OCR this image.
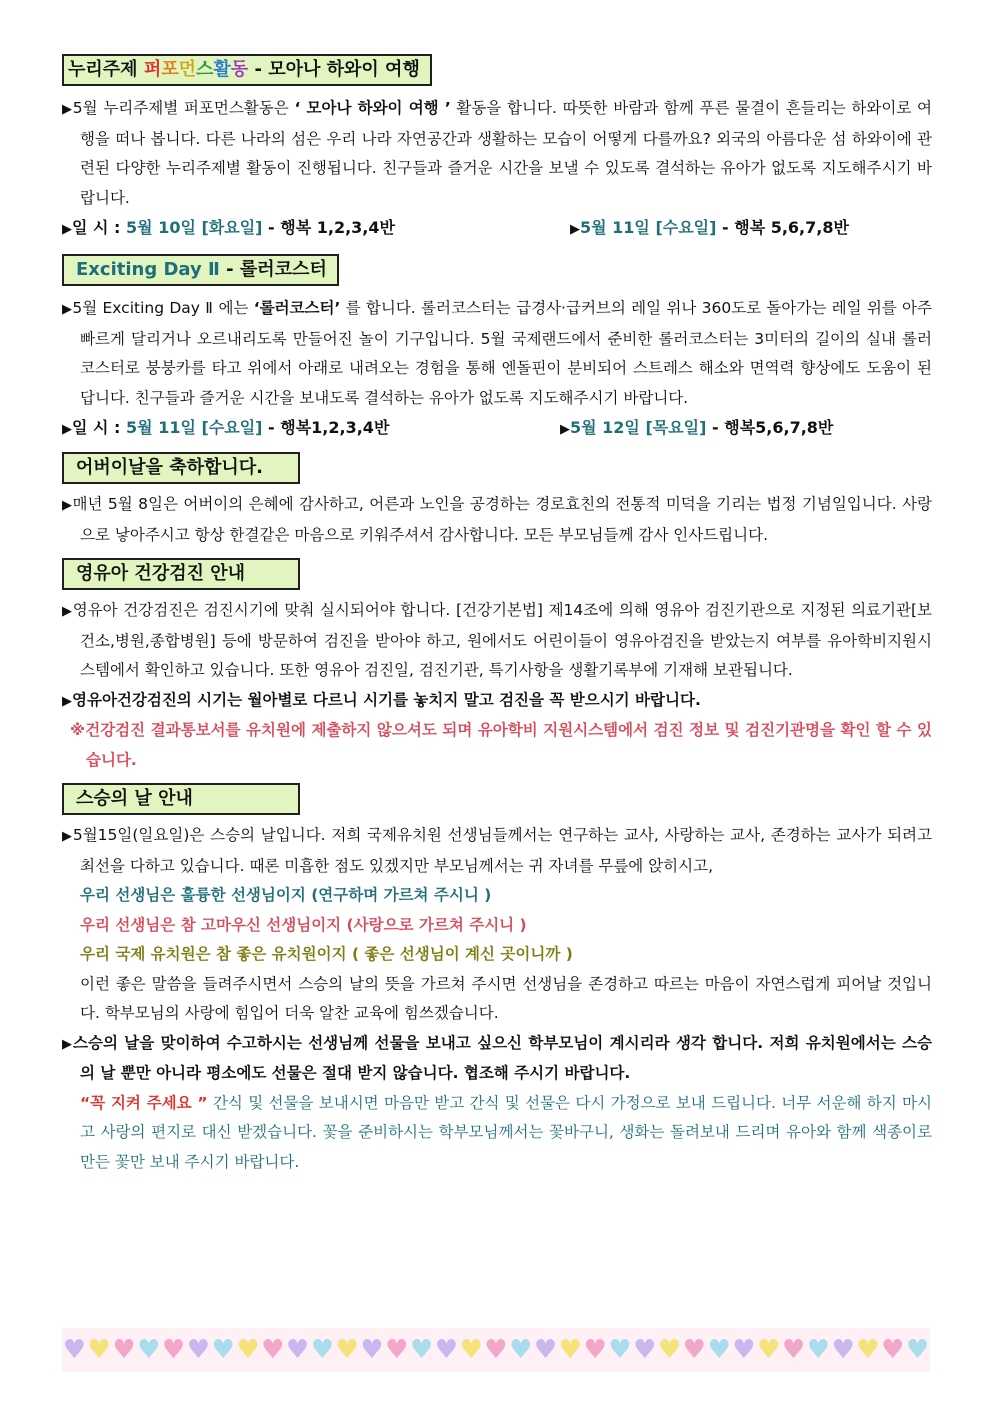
누리주제 퍼포먼스활동 - 모아나 하와이 여행
▶5월 누리주제별 퍼포먼스활동은 ‘ 모아나 하와이 여행 ’ 활동을 합니다. 따뜻한 바람과 함께 푸른 물결이 흔들리는 하와이로 여행을 떠나 봅니다. 다른 나라의 섬은 우리 나라 자연공간과 생활하는 모습이 어떻게 다를까요? 외국의 아름다운 섬 하와이에 관련된 다양한 누리주제별 활동이 진행됩니다. 친구들과 즐거운 시간을 보낼 수 있도록 결석하는 유아가 없도록 지도해주시기 바랍니다.
▶일 시 : 5월 10일 [화요일] - 행복 1,2,3,4반	▶5월 11일 [수요일] - 행복 5,6,7,8반
Exciting Day Ⅱ - 롤러코스터
▶5월 Exciting Day Ⅱ 에는 ‘롤러코스터’ 를 합니다. 롤러코스터는 급경사·급커브의 레일 위나 360도로 돌아가는 레일 위를 아주 빠르게 달리거나 오르내리도록 만들어진 놀이 기구입니다. 5월 국제랜드에서 준비한 롤러코스터는 3미터의 길이의 실내 롤러코스터로 붕붕카를 타고 위에서 아래로 내려오는 경험을 통해 엔돌핀이 분비되어 스트레스 해소와 면역력 향상에도 도움이 된답니다. 친구들과 즐거운 시간을 보내도록 결석하는 유아가 없도록 지도해주시기 바랍니다.
▶일 시 : 5월 11일 [수요일] - 행복1,2,3,4반	▶5월 12일 [목요일] - 행복5,6,7,8반
어버이날을 축하합니다.
▶매년 5월 8일은 어버이의 은혜에 감사하고, 어른과 노인을 공경하는 경로효친의 전통적 미덕을 기리는 법정 기념일입니다. 사랑으로 낳아주시고 항상 한결같은 마음으로 키워주셔서 감사합니다. 모든 부모님들께 감사 인사드립니다.
영유아 건강검진 안내
▶영유아 건강검진은 검진시기에 맞춰 실시되어야 합니다. [건강기본법] 제14조에 의해 영유아 검진기관으로 지정된 의료기관[보건소,병원,종합병원] 등에 방문하여 검진을 받아야 하고, 원에서도 어린이들이 영유아검진을 받았는지 여부를 유아학비지원시스템에서 확인하고 있습니다. 또한 영유아 검진일, 검진기관, 특기사항을 생활기록부에 기재해 보관됩니다.
▶영유아건강검진의 시기는 월아별로 다르니 시기를 놓치지 말고 검진을 꼭 받으시기 바랍니다.
※건강검진 결과통보서를 유치원에 제출하지 않으셔도 되며 유아학비 지원시스템에서 검진 정보 및 검진기관명을 확인 할 수 있습니다.
스승의 날 안내
▶5월15일(일요일)은 스승의 날입니다. 저희 국제유치원 선생님들께서는 연구하는 교사, 사랑하는 교사, 존경하는 교사가 되려고 최선을 다하고 있습니다. 때론 미흡한 점도 있겠지만 부모님께서는 귀 자녀를 무릎에 앉히시고,
우리 선생님은 훌륭한 선생님이지 (연구하며 가르쳐 주시니 )
우리 선생님은 참 고마우신 선생님이지 (사랑으로 가르쳐 주시니 )
우리 국제 유치원은 참 좋은 유치원이지 ( 좋은 선생님이 계신 곳이니까 )
이런 좋은 말씀을 들려주시면서 스승의 날의 뜻을 가르쳐 주시면 선생님을 존경하고 따르는 마음이 자연스럽게 피어날 것입니다. 학부모님의 사랑에 힘입어 더욱 알찬 교육에 힘쓰겠습니다.
▶스승의 날을 맞이하여 수고하시는 선생님께 선물을 보내고 싶으신 학부모님이 계시리라 생각 합니다. 저희 유치원에서는 스승의 날 뿐만 아니라 평소에도 선물은 절대 받지 않습니다. 협조해 주시기 바랍니다.
“꼭 지켜 주세요 ” 간식 및 선물을 보내시면 마음만 받고 간식 및 선물은 다시 가정으로 보내 드립니다. 너무 서운해 하지 마시고 사랑의 편지로 대신 받겠습니다. 꽃을 준비하시는 학부모님께서는 꽃바구니, 생화는 돌려보내 드리며 유아와 함께 색종이로 만든 꽃만 보내 주시기 바랍니다.
♥ ♥ ♥ ♥ ♥ ♥ ♥ ♥ ♥ ♥ ♥ ♥ ♥ ♥ ♥ ♥ ♥ ♥ ♥ ♥ ♥ ♥ ♥ ♥ ♥ ♥ ♥ ♥ ♥ ♥ ♥ ♥ ♥ ♥ ♥
